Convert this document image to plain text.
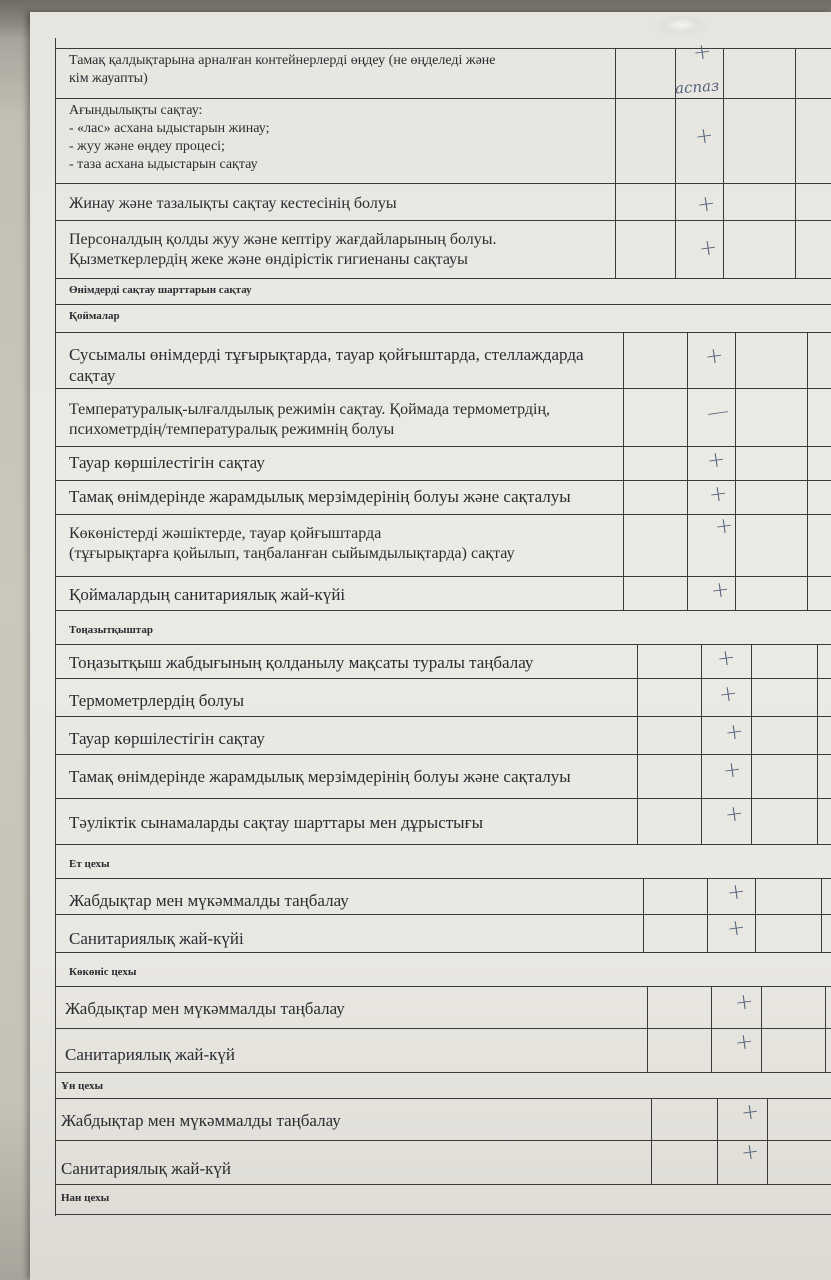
Тамақ қалдықтарына арналған контейнерлерді өңдеу (не өңделеді және
кім жауапты)
Ағындылықты сақтау:
- «лас» асхана ыдыстарын жинау;
- жуу және өңдеу процесі;
- таза асхана ыдыстарын сақтау
Жинау және тазалықты сақтау кестесінің болуы
Персоналдың қолды жуу және кептіру жағдайларының болуы.
Қызметкерлердің жеке және өндірістік гигиенаны сақтауы
+
аспаз
+
+
+
Өнімдерді сақтау шарттарын сақтау
Қоймалар
Сусымалы өнімдерді тұғырықтарда, тауар қойғыштарда, стеллаждарда
сақтау
Температуралық-ылғалдылық режимін сақтау. Қоймада термометрдің,
психометрдің/температуралық режимнің болуы
Тауар көршілестігін сақтау
Тамақ өнімдерінде жарамдылық мерзімдерінің болуы және сақталуы
Көкөністерді жәшіктерде, тауар қойғыштарда
(тұғырықтарға қойылып, таңбаланған сыйымдылықтарда) сақтау
Қоймалардың санитариялық жай-күйі
+
—
+
+
+
+
Тоңазытқыштар
Тоңазытқыш жабдығының қолданылу мақсаты туралы таңбалау
Термометрлердің болуы
Тауар көршілестігін сақтау
Тамақ өнімдерінде жарамдылық мерзімдерінің болуы және сақталуы
Тәуліктік сынамаларды сақтау шарттары мен дұрыстығы
+
+
+
+
+
Ет цехы
Жабдықтар мен мүкәммалды таңбалау
Санитариялық жай-күйі
+
+
Көкөніс цехы
Жабдықтар мен мүкәммалды таңбалау
Санитариялық жай-күй
+
+
Ұн цехы
Жабдықтар мен мүкәммалды таңбалау
Санитариялық жай-күй
+
+
Нан цехы
